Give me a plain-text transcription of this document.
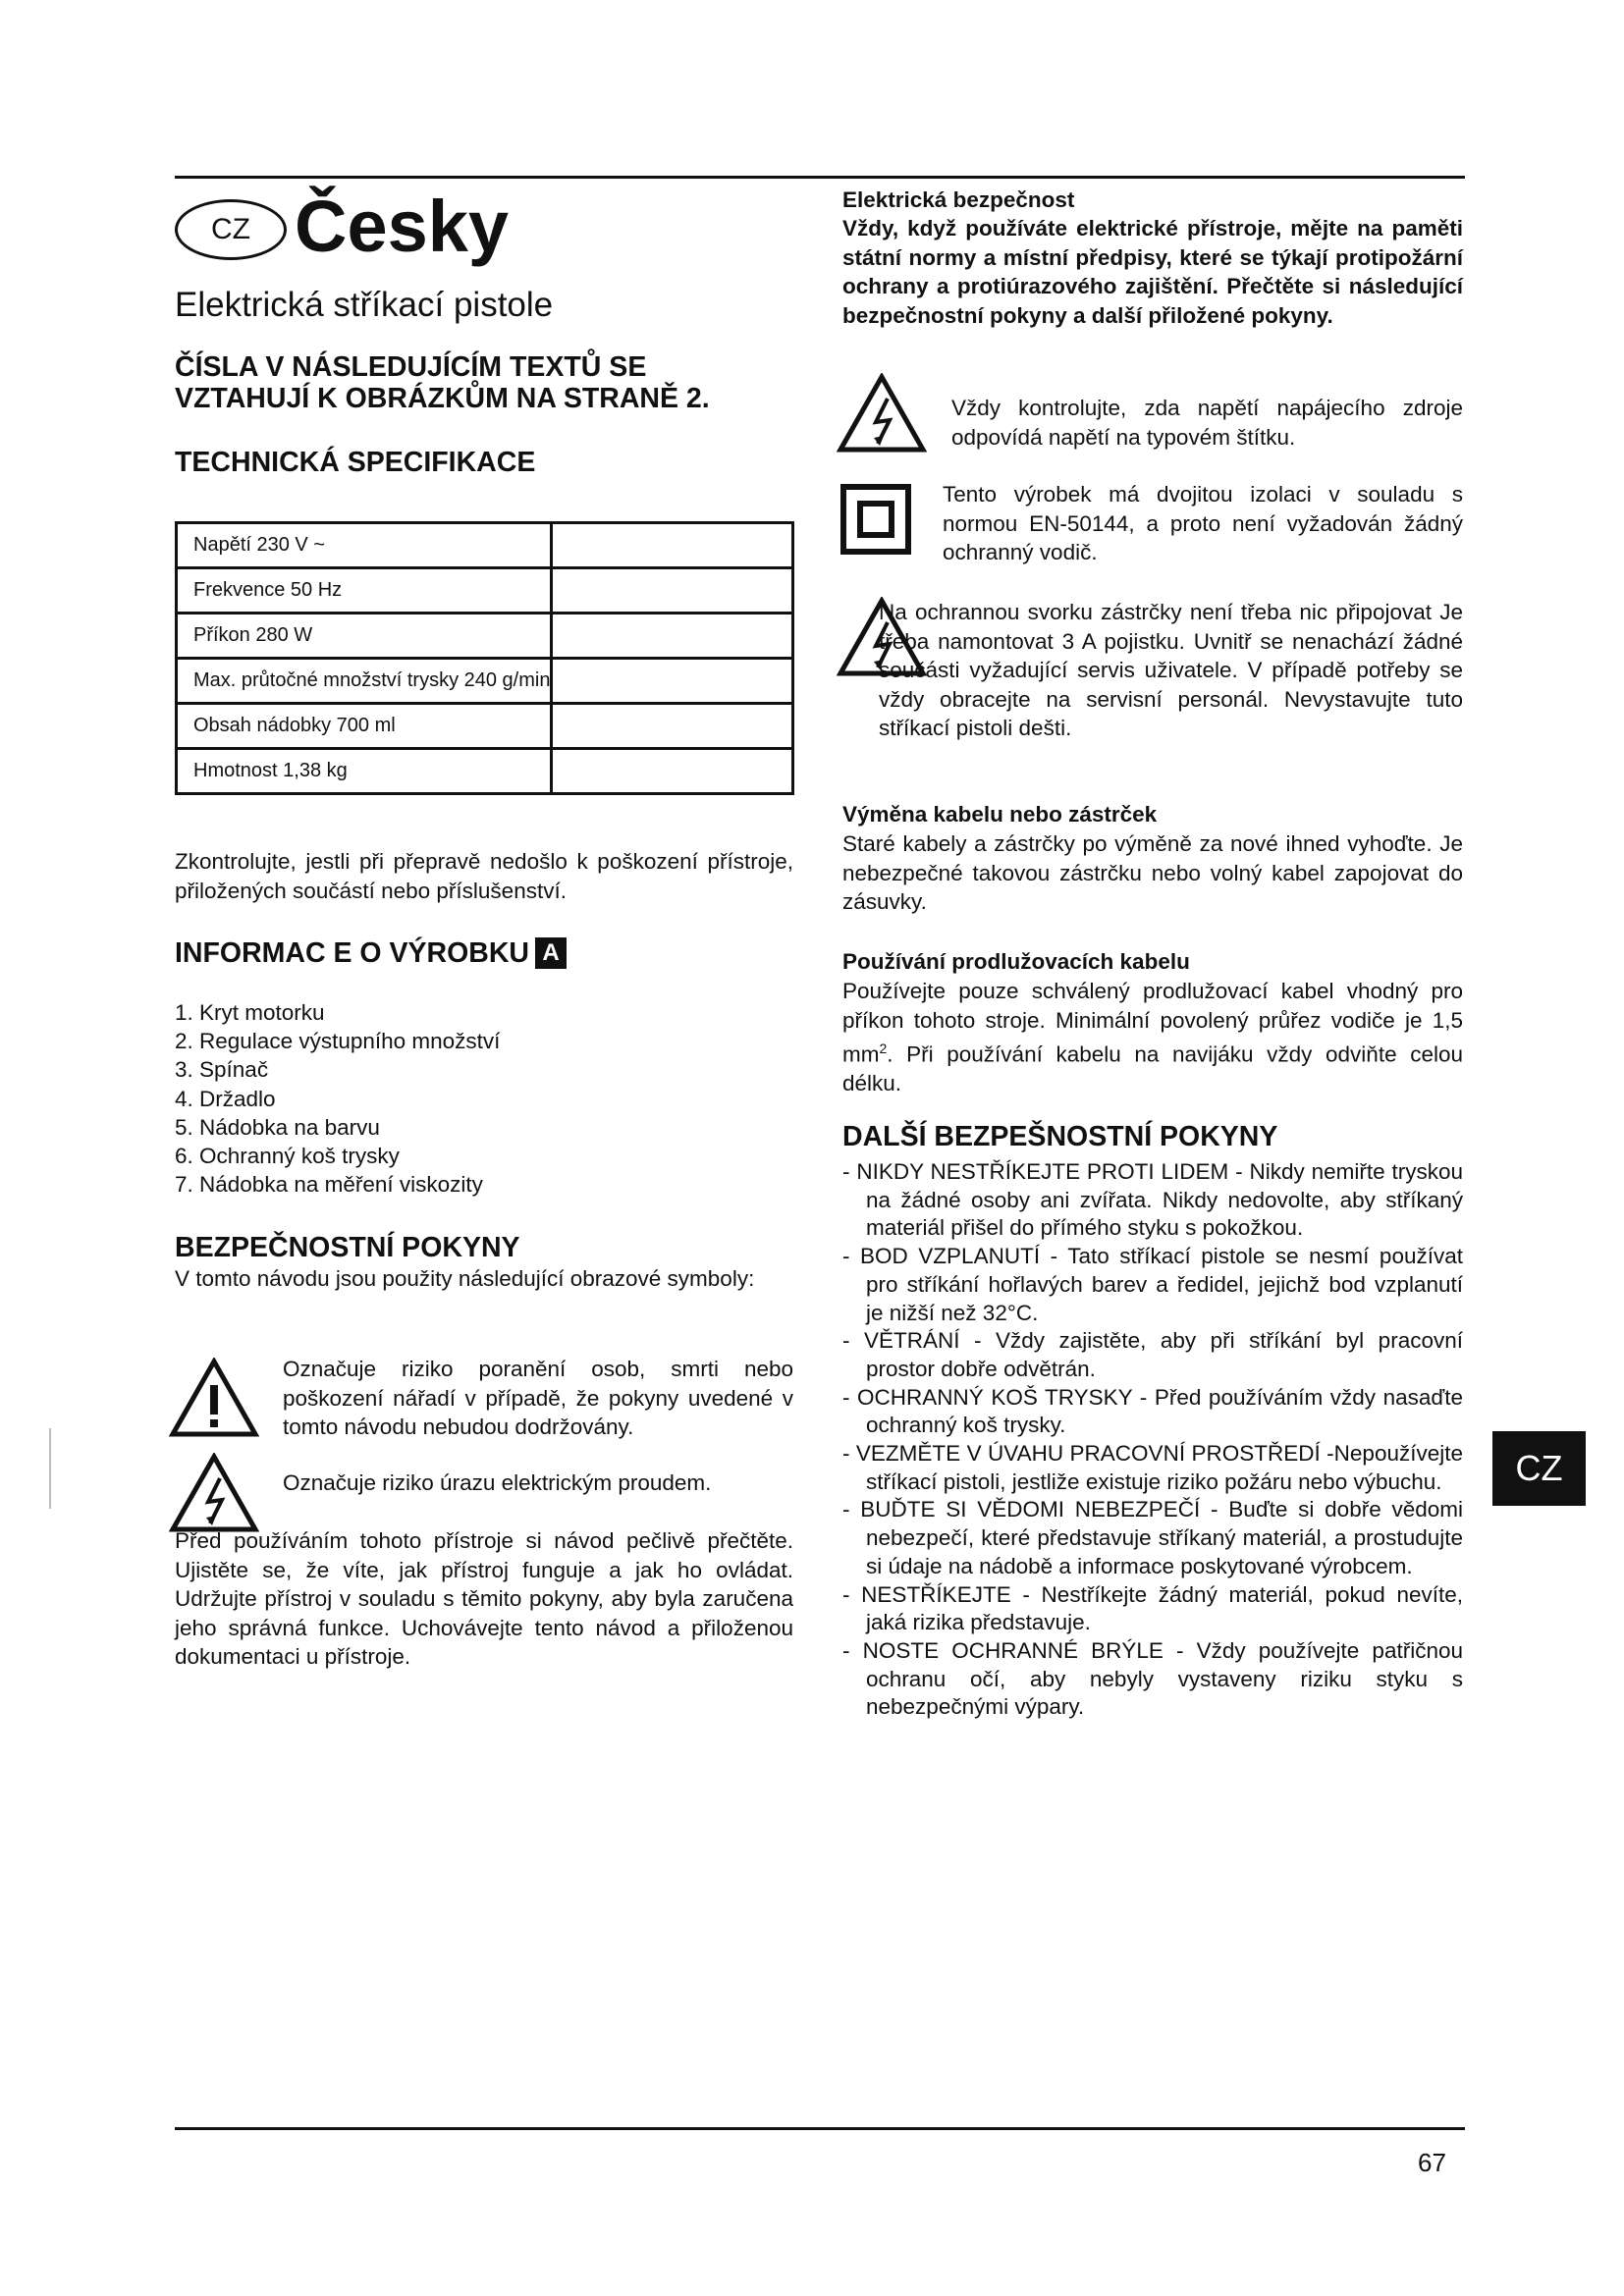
CZ Česky
Elektrická stříkací pistole
ČÍSLA V NÁSLEDUJÍCÍM TEXTŮ SE
VZTAHUJÍ K OBRÁZKŮM NA STRANĚ 2.
TECHNICKÁ SPECIFIKACE
Napětí 230 V ~	
Frekvence 50 Hz	
Příkon 280 W	
Max. průtočné množství trysky 240 g/min	
Obsah nádobky 700 ml	
Hmotnost 1,38 kg	
Zkontrolujte, jestli při přepravě nedošlo k poškození přístroje, přiložených součástí nebo příslušenství.
INFORMAC E O VÝROBKU A
1. Kryt motorku
2. Regulace výstupního množství
3. Spínač
4. Držadlo
5. Nádobka na barvu
6. Ochranný koš trysky
7. Nádobka na měření viskozity
BEZPEČNOSTNÍ POKYNY
V tomto návodu jsou použity následující obrazové symboly:
Označuje riziko poranění osob, smrti nebo poškození nářadí v případě, že pokyny uvedené v tomto návodu nebudou dodržovány.
Označuje riziko úrazu elektrickým proudem.
Před používáním tohoto přístroje si návod pečlivě přečtěte. Ujistěte se, že víte, jak přístroj funguje a jak ho ovládat. Udržujte přístroj v souladu s těmito pokyny, aby byla zaručena jeho správná funkce. Uchovávejte tento návod a přiloženou dokumentaci u přístroje.
Elektrická bezpečnost
Vždy, když používáte elektrické přístroje, mějte na paměti státní normy a místní předpisy, které se týkají protipožární ochrany a protiúrazového zajištění. Přečtěte si následující bezpečnostní pokyny a další přiložené pokyny.
Vždy kontrolujte, zda napětí napájecího zdroje odpovídá napětí na typovém štítku.
Tento výrobek má dvojitou izolaci v souladu s normou EN-50144, a proto není vyžadován žádný ochranný vodič.
Na ochrannou svorku zástrčky není třeba nic připojovat Je třeba namontovat 3 A pojistku. Uvnitř se nenachází žádné součásti vyžadující servis uživatele. V případě potřeby se vždy obracejte na servisní personál. Nevystavujte tuto stříkací pistoli dešti.
Výměna kabelu nebo zástrček
Staré kabely a zástrčky po výměně za nové ihned vyhoďte. Je nebezpečné takovou zástrčku nebo volný kabel zapojovat do zásuvky.
Používání prodlužovacích kabelu
Používejte pouze schválený prodlužovací kabel vhodný pro příkon tohoto stroje. Minimální povolený průřez vodiče je 1,5 $mm^2$. Při používání kabelu na navijáku vždy odviňte celou délku.
DALŠÍ BEZPEŠNOSTNÍ POKYNY
- NIKDY NESTŘÍKEJTE PROTI LIDEM - Nikdy nemiřte tryskou na žádné osoby ani zvířata. Nikdy nedovolte, aby stříkaný materiál přišel do přímého styku s pokožkou.
- BOD VZPLANUTÍ - Tato stříkací pistole se nesmí používat pro stříkání hořlavých barev a ředidel, jejichž bod vzplanutí je nižší než 32°C.
- VĚTRÁNÍ - Vždy zajistěte, aby při stříkání byl pracovní prostor dobře odvětrán.
- OCHRANNÝ KOŠ TRYSKY - Před používáním vždy nasaďte ochranný koš trysky.
- VEZMĚTE V ÚVAHU PRACOVNÍ PROSTŘEDÍ -Nepoužívejte stříkací pistoli, jestliže existuje riziko požáru nebo výbuchu.
- BUĎTE SI VĚDOMI NEBEZPEČÍ - Buďte si dobře vědomi nebezpečí, které představuje stříkaný materiál, a prostudujte si údaje na nádobě a informace poskytované výrobcem.
- NESTŘÍKEJTE - Nestříkejte žádný materiál, pokud nevíte, jaká rizika představuje.
- NOSTE OCHRANNÉ BRÝLE - Vždy používejte patřičnou ochranu očí, aby nebyly vystaveny riziku styku s nebezpečnými výpary.
CZ
67
